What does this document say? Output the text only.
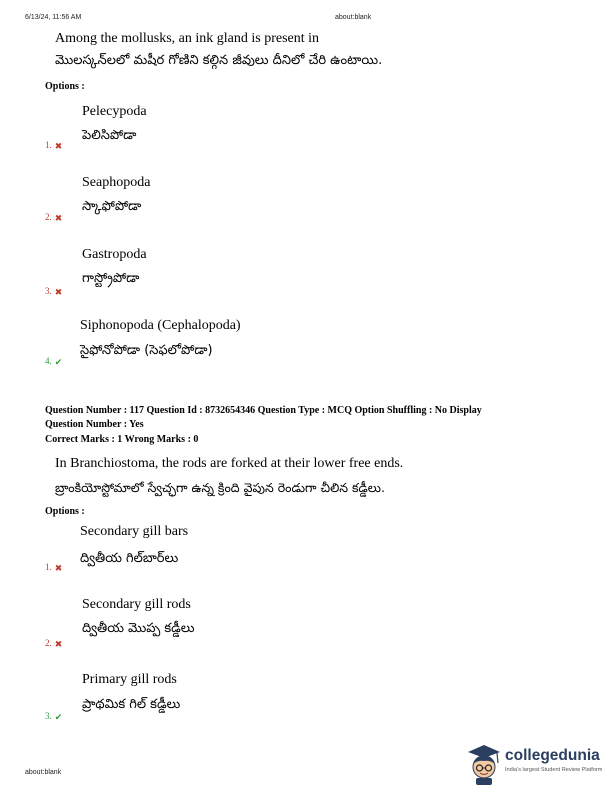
6/13/24, 11:56 AM	about:blank
Among the mollusks, an ink gland is present in
మొలస్కన్‌లలో మషీర గోణిని కల్గిన జీవులు దీనిలో చేరి ఉంటాయి.
Options :
Pelecypoda
పెలిసిపోడా
1. ✖
Seaphopoda
స్కాఫోపోడా
2. ✖
Gastropoda
గాస్ట్రోపోడా
3. ✖
Siphonopoda (Cephalopoda)
సైఫోనోపోడా (సెఫలోపోడా)
4. ✔
Question Number : 117 Question Id : 8732654346 Question Type : MCQ Option Shuffling : No Display
Question Number : Yes
Correct Marks : 1 Wrong Marks : 0
In Branchiostoma, the rods are forked at their lower free ends.
బ్రాంకియోస్టోమాలో స్వేచ్ఛగా ఉన్న క్రింది వైపున రెండుగా చీలిన కడ్డీలు.
Options :
Secondary gill bars
ద్వితీయ గిల్‌బార్‌లు
1. ✖
Secondary gill rods
ద్వితీయ మొప్ప కడ్డీలు
2. ✖
Primary gill rods
ప్రాథమిక గిల్ కడ్డీలు
3. ✔
about:blank
collegedunia
India's largest Student Review Platform
